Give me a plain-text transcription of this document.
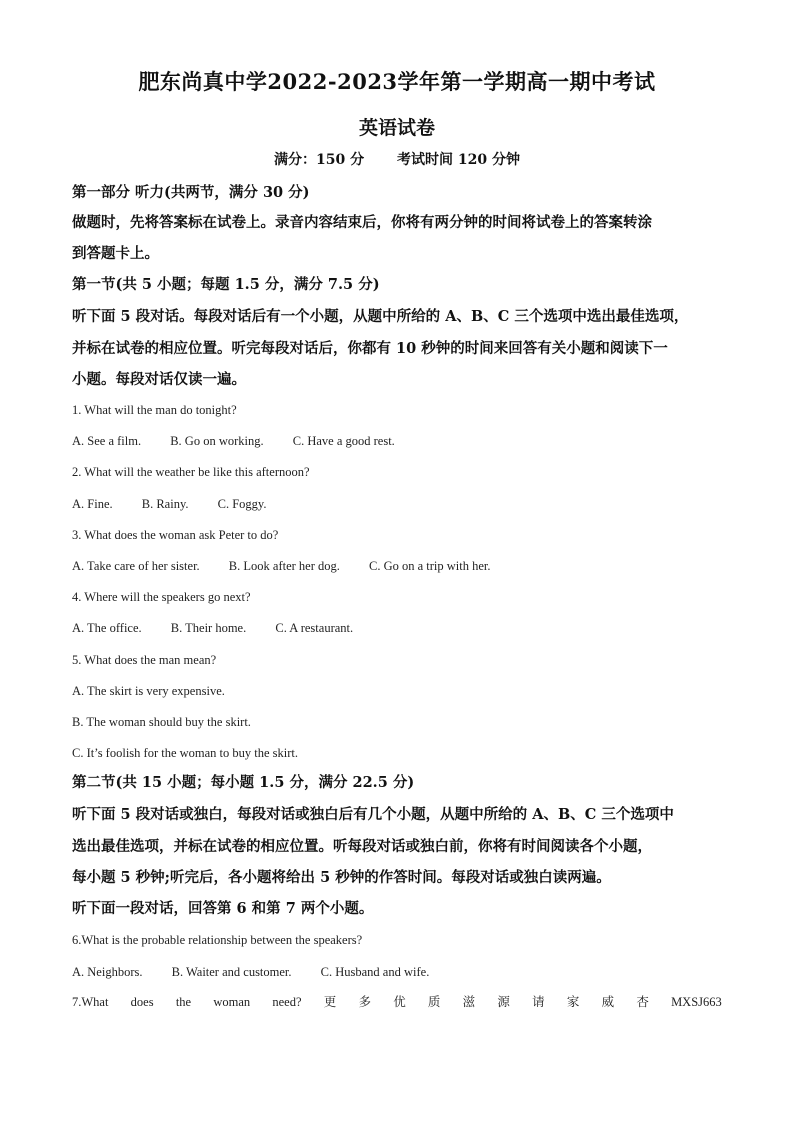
肥东尚真中学2022-2023学年第一学期高一期中考试
英语试卷
满分：150 分 考试时间 120 分钟
第一部分 听力(共两节，满分 30 分)
做题时，先将答案标在试卷上。录音内容结束后，你将有两分钟的时间将试卷上的答案转涂
到答题卡上。
第一节(共 5 小题；每题 1.5 分，满分 7.5 分)
听下面 5 段对话。每段对话后有一个小题，从题中所给的 A、B、C 三个选项中选出最佳选项，
并标在试卷的相应位置。听完每段对话后，你都有 10 秒钟的时间来回答有关小题和阅读下一
小题。每段对话仅读一遍。
1. What will the man do tonight?
A. See a film. B. Go on working. C. Have a good rest.
2. What will the weather be like this afternoon?
A. Fine. B. Rainy. C. Foggy.
3. What does the woman ask Peter to do?
A. Take care of her sister. B. Look after her dog. C. Go on a trip with her.
4. Where will the speakers go next?
A. The office. B. Their home. C. A restaurant.
5. What does the man mean?
A. The skirt is very expensive.
B. The woman should buy the skirt.
C. It’s foolish for the woman to buy the skirt.
第二节(共 15 小题；每小题 1.5 分，满分 22.5 分)
听下面 5 段对话或独白，每段对话或独白后有几个小题，从题中所给的 A、B、C 三个选项中
选出最佳选项，并标在试卷的相应位置。听每段对话或独白前，你将有时间阅读各个小题，
每小题 5 秒钟;听完后，各小题将给出 5 秒钟的作答时间。每段对话或独白读两遍。
听下面一段对话，回答第 6 和第 7 两个小题。
6.What is the probable relationship between the speakers?
A. Neighbors. B. Waiter and customer. C. Husband and wife.
7.What does the woman need? 更 多 优 质 滋 源 请 家 威 杏 MXSJ663
